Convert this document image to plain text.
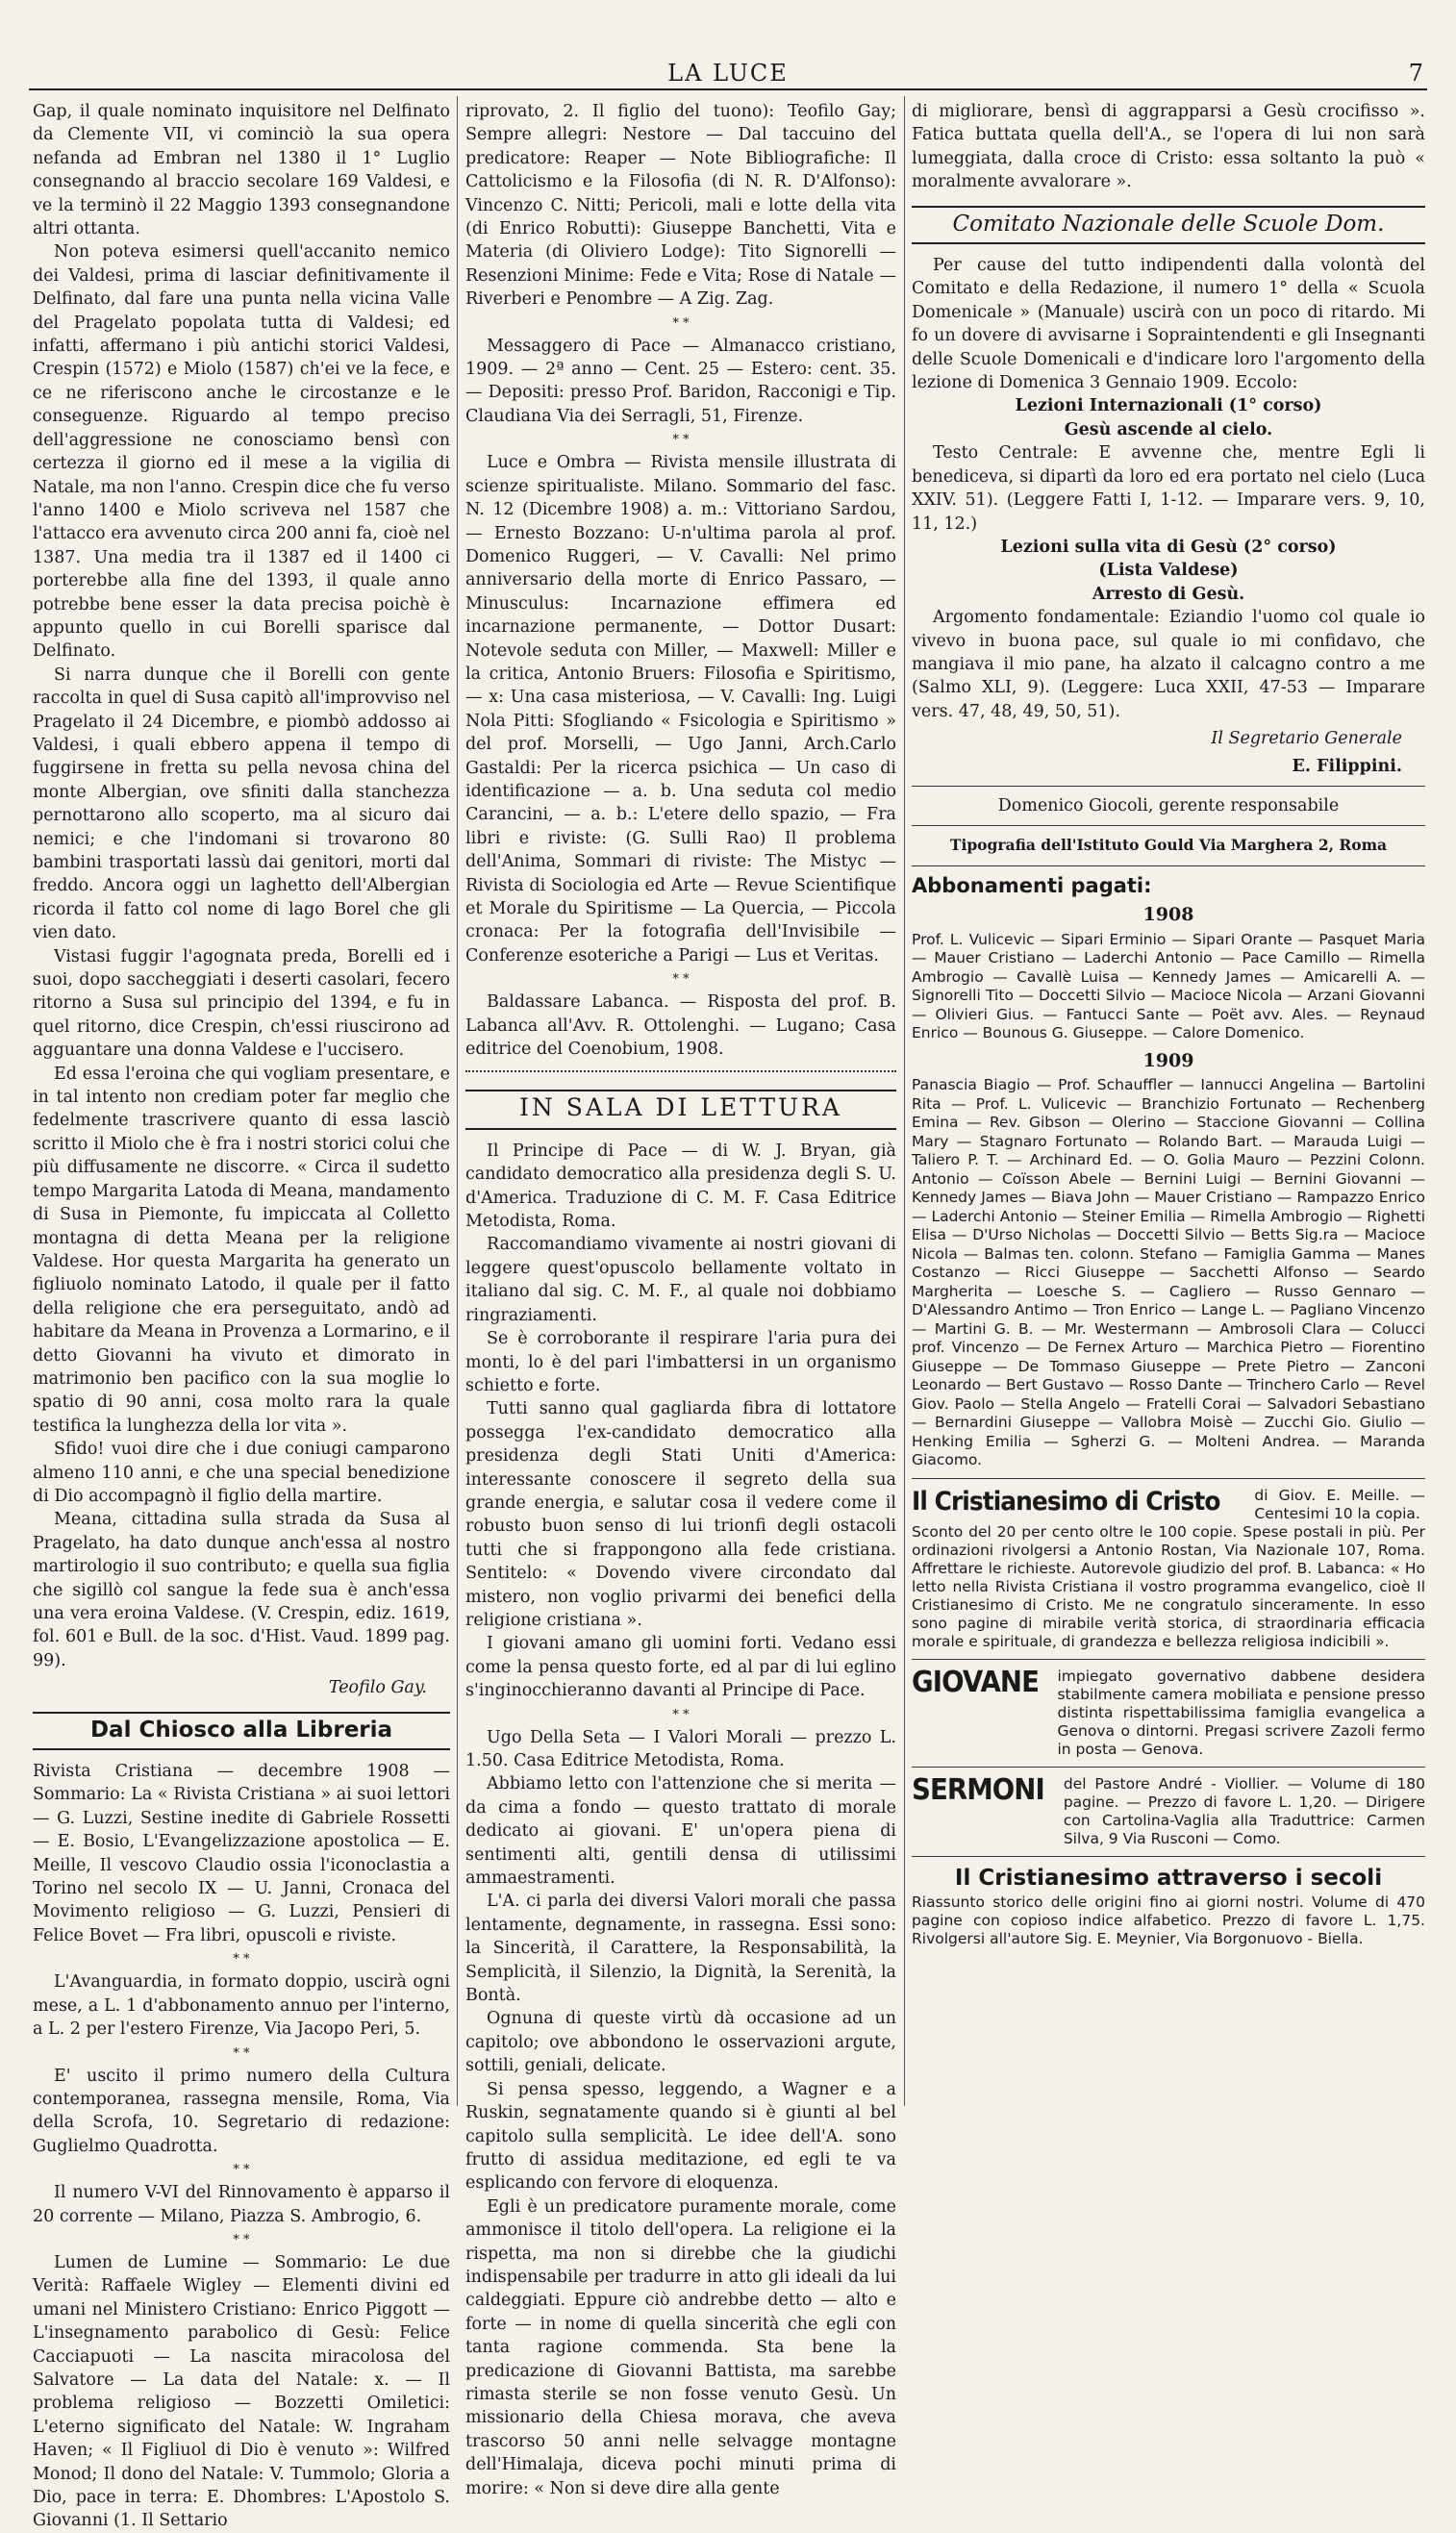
LA LUCE	7

Gap, il quale nominato inquisitore nel Delfinato da Clemente VII, vi cominciò la sua opera nefanda ad Embran nel 1380 il 1° Luglio consegnando al braccio secolare 169 Valdesi, e ve la terminò il 22 Maggio 1393 consegnandone altri ottanta.

Non poteva esimersi quell'accanito nemico dei Valdesi, prima di lasciar definitivamente il Delfinato, dal fare una punta nella vicina Valle del Pragelato popolata tutta di Valdesi; ed infatti, affermano i più antichi storici Valdesi, Crespin (1572) e Miolo (1587) ch'ei ve la fece, e ce ne riferiscono anche le circostanze e le conseguenze. Riguardo al tempo preciso dell'aggressione ne conosciamo bensì con certezza il giorno ed il mese a la vigilia di Natale, ma non l'anno. Crespin dice che fu verso l'anno 1400 e Miolo scriveva nel 1587 che l'attacco era avvenuto circa 200 anni fa, cioè nel 1387. Una media tra il 1387 ed il 1400 ci porterebbe alla fine del 1393, il quale anno potrebbe bene esser la data precisa poichè è appunto quello in cui Borelli sparisce dal Delfinato.

Si narra dunque che il Borelli con gente raccolta in quel di Susa capitò all'improvviso nel Pragelato il 24 Dicembre, e piombò addosso ai Valdesi, i quali ebbero appena il tempo di fuggirsene in fretta su pella nevosa china del monte Albergian, ove sfiniti dalla stanchezza pernottarono allo scoperto, ma al sicuro dai nemici; e che l'indomani si trovarono 80 bambini trasportati lassù dai genitori, morti dal freddo. Ancora oggi un laghetto dell'Albergian ricorda il fatto col nome di lago Borel che gli vien dato.

Vistasi fuggir l'agognata preda, Borelli ed i suoi, dopo saccheggiati i deserti casolari, fecero ritorno a Susa sul principio del 1394, e fu in quel ritorno, dice Crespin, ch'essi riuscirono ad agguantare una donna Valdese e l'uccisero.

Ed essa l'eroina che qui vogliam presentare, e in tal intento non crediam poter far meglio che fedelmente trascrivere quanto di essa lasciò scritto il Miolo che è fra i nostri storici colui che più diffusamente ne discorre. « Circa il sudetto tempo Margarita Latoda di Meana, mandamento di Susa in Piemonte, fu impiccata al Colletto montagna di detta Meana per la religione Valdese. Hor questa Margarita ha generato un figliuolo nominato Latodo, il quale per il fatto della religione che era perseguitato, andò ad habitare da Meana in Provenza a Lormarino, e il detto Giovanni ha vivuto et dimorato in matrimonio ben pacifico con la sua moglie lo spatio di 90 anni, cosa molto rara la quale testifica la lunghezza della lor vita ».

Sfido! vuoi dire che i due coniugi camparono almeno 110 anni, e che una special benedizione di Dio accompagnò il figlio della martire.

Meana, cittadina sulla strada da Susa al Pragelato, ha dato dunque anch'essa al nostro martirologio il suo contributo; e quella sua figlia che sigillò col sangue la fede sua è anch'essa una vera eroina Valdese. (V. Crespin, ediz. 1619, fol. 601 e Bull. de la soc. d'Hist. Vaud. 1899 pag. 99).

Teofilo Gay.
Dal Chiosco alla Libreria

Rivista Cristiana — decembre 1908 — Sommario: La « Rivista Cristiana » ai suoi lettori — G. Luzzi, Sestine inedite di Gabriele Rossetti — E. Bosio, L'Evangelizzazione apostolica — E. Meille, Il vescovo Claudio ossia l'iconoclastia a Torino nel secolo IX — U. Janni, Cronaca del Movimento religioso — G. Luzzi, Pensieri di Felice Bovet — Fra libri, opuscoli e riviste.

* *

L'Avanguardia, in formato doppio, uscirà ogni mese, a L. 1 d'abbonamento annuo per l'interno, a L. 2 per l'estero Firenze, Via Jacopo Peri, 5.

* *

E' uscito il primo numero della Cultura contemporanea, rassegna mensile, Roma, Via della Scrofa, 10. Segretario di redazione: Guglielmo Quadrotta.

* *

Il numero V-VI del Rinnovamento è apparso il 20 corrente — Milano, Piazza S. Ambrogio, 6.

* *

Lumen de Lumine — Sommario: Le due Verità: Raffaele Wigley — Elementi divini ed umani nel Ministero Cristiano: Enrico Piggott — L'insegnamento parabolico di Gesù: Felice Cacciapuoti — La nascita miracolosa del Salvatore — La data del Natale: x. — Il problema religioso — Bozzetti Omiletici: L'eterno significato del Natale: W. Ingraham Haven; « Il Figliuol di Dio è venuto »: Wilfred Monod; Il dono del Natale: V. Tummolo; Gloria a Dio, pace in terra: E. Dhombres: L'Apostolo S. Giovanni (1. Il Settario

riprovato, 2. Il figlio del tuono): Teofilo Gay; Sempre allegri: Nestore — Dal taccuino del predicatore: Reaper — Note Bibliografiche: Il Cattolicismo e la Filosofia (di N. R. D'Alfonso): Vincenzo C. Nitti; Pericoli, mali e lotte della vita (di Enrico Robutti): Giuseppe Banchetti, Vita e Materia (di Oliviero Lodge): Tito Signorelli — Resenzioni Minime: Fede e Vita; Rose di Natale — Riverberi e Penombre — A Zig. Zag.

* *

Messaggero di Pace — Almanacco cristiano, 1909. — 2ª anno — Cent. 25 — Estero: cent. 35. — Depositi: presso Prof. Baridon, Racconigi e Tip. Claudiana Via dei Serragli, 51, Firenze.

* *

Luce e Ombra — Rivista mensile illustrata di scienze spiritualiste. Milano. Sommario del fasc. N. 12 (Dicembre 1908) a. m.: Vittoriano Sardou, — Ernesto Bozzano: U-n'ultima parola al prof. Domenico Ruggeri, — V. Cavalli: Nel primo anniversario della morte di Enrico Passaro, — Minusculus: Incarnazione effimera ed incarnazione permanente, — Dottor Dusart: Notevole seduta con Miller, — Maxwell: Miller e la critica, Antonio Bruers: Filosofia e Spiritismo, — x: Una casa misteriosa, — V. Cavalli: Ing. Luigi Nola Pitti: Sfogliando « Fsicologia e Spiritismo » del prof. Morselli, — Ugo Janni, Arch.Carlo Gastaldi: Per la ricerca psichica — Un caso di identificazione — a. b. Una seduta col medio Carancini, — a. b.: L'etere dello spazio, — Fra libri e riviste: (G. Sulli Rao) Il problema dell'Anima, Sommari di riviste: The Mistyc — Rivista di Sociologia ed Arte — Revue Scientifique et Morale du Spiritisme — La Quercia, — Piccola cronaca: Per la fotografia dell'Invisibile — Conferenze esoteriche a Parigi — Lus et Veritas.

* *

Baldassare Labanca. — Risposta del prof. B. Labanca all'Avv. R. Ottolenghi. — Lugano; Casa editrice del Coenobium, 1908.

IN SALA DI LETTURA

Il Principe di Pace — di W. J. Bryan, già candidato democratico alla presidenza degli S. U. d'America. Traduzione di C. M. F. Casa Editrice Metodista, Roma.

Raccomandiamo vivamente ai nostri giovani di leggere quest'opuscolo bellamente voltato in italiano dal sig. C. M. F., al quale noi dobbiamo ringraziamenti.

Se è corroborante il respirare l'aria pura dei monti, lo è del pari l'imbattersi in un organismo schietto e forte.

Tutti sanno qual gagliarda fibra di lottatore possegga l'ex-candidato democratico alla presidenza degli Stati Uniti d'America: interessante conoscere il segreto della sua grande energia, e salutar cosa il vedere come il robusto buon senso di lui trionfi degli ostacoli tutti che si frappongono alla fede cristiana. Sentitelo: « Dovendo vivere circondato dal mistero, non voglio privarmi dei benefici della religione cristiana ».

I giovani amano gli uomini forti. Vedano essi come la pensa questo forte, ed al par di lui eglino s'inginocchieranno davanti al Principe di Pace.

* *

Ugo Della Seta — I Valori Morali — prezzo L. 1.50. Casa Editrice Metodista, Roma.

Abbiamo letto con l'attenzione che si merita — da cima a fondo — questo trattato di morale dedicato ai giovani. E' un'opera piena di sentimenti alti, gentili densa di utilissimi ammaestramenti.

L'A. ci parla dei diversi Valori morali che passa lentamente, degnamente, in rassegna. Essi sono: la Sincerità, il Carattere, la Responsabilità, la Semplicità, il Silenzio, la Dignità, la Serenità, la Bontà.

Ognuna di queste virtù dà occasione ad un capitolo; ove abbondono le osservazioni argute, sottili, geniali, delicate.

Si pensa spesso, leggendo, a Wagner e a Ruskin, segnatamente quando si è giunti al bel capitolo sulla semplicità. Le idee dell'A. sono frutto di assidua meditazione, ed egli te va esplicando con fervore di eloquenza.

Egli è un predicatore puramente morale, come ammonisce il titolo dell'opera. La religione ei la rispetta, ma non si direbbe che la giudichi indispensabile per tradurre in atto gli ideali da lui caldeggiati. Eppure ciò andrebbe detto — alto e forte — in nome di quella sincerità che egli con tanta ragione commenda. Sta bene la predicazione di Giovanni Battista, ma sarebbe rimasta sterile se non fosse venuto Gesù. Un missionario della Chiesa morava, che aveva trascorso 50 anni nelle selvagge montagne dell'Himalaja, diceva pochi minuti prima di morire: « Non si deve dire alla gente

di migliorare, bensì di aggrapparsi a Gesù crocifisso ». Fatica buttata quella dell'A., se l'opera di lui non sarà lumeggiata, dalla croce di Cristo: essa soltanto la può « moralmente avvalorare ».

Comitato Nazionale delle Scuole Dom.

Per cause del tutto indipendenti dalla volontà del Comitato e della Redazione, il numero 1° della « Scuola Domenicale » (Manuale) uscirà con un poco di ritardo. Mi fo un dovere di avvisarne i Sopraintendenti e gli Insegnanti delle Scuole Domenicali e d'indicare loro l'argomento della lezione di Domenica 3 Gennaio 1909. Eccolo:

Lezioni Internazionali (1° corso)

Gesù ascende al cielo.

Testo Centrale: E avvenne che, mentre Egli li benediceva, si dipartì da loro ed era portato nel cielo (Luca XXIV. 51). (Leggere Fatti I, 1-12. — Imparare vers. 9, 10, 11, 12.)

Lezioni sulla vita di Gesù (2° corso)

(Lista Valdese)

Arresto di Gesù.

Argomento fondamentale: Eziandio l'uomo col quale io vivevo in buona pace, sul quale io mi confidavo, che mangiava il mio pane, ha alzato il calcagno contro a me (Salmo XLI, 9). (Leggere: Luca XXII, 47-53 — Imparare vers. 47, 48, 49, 50, 51).

Il Segretario Generale
E. Filippini.

Domenico Giocoli, gerente responsabile

Tipografia dell'Istituto Gould Via Marghera 2, Roma

Abbonamenti pagati:
1908
Prof. L. Vulicevic — Sipari Erminio — Sipari Orante — Pasquet Maria — Mauer Cristiano — Laderchi Antonio — Pace Camillo — Rimella Ambrogio — Cavallè Luisa — Kennedy James — Amicarelli A. — Signorelli Tito — Doccetti Silvio — Macioce Nicola — Arzani Giovanni — Olivieri Gius. — Fantucci Sante — Poët avv. Ales. — Reynaud Enrico — Bounous G. Giuseppe. — Calore Domenico.
1909
Panascia Biagio — Prof. Schauffler — Iannucci Angelina — Bartolini Rita — Prof. L. Vulicevic — Branchizio Fortunato — Rechenberg Emina — Rev. Gibson — Olerino — Staccione Giovanni — Collina Mary — Stagnaro Fortunato — Rolando Bart. — Marauda Luigi — Taliero P. T. — Archinard Ed. — O. Golia Mauro — Pezzini Colonn. Antonio — Coïsson Abele — Bernini Luigi — Bernini Giovanni — Kennedy James — Biava John — Mauer Cristiano — Rampazzo Enrico — Laderchi Antonio — Steiner Emilia — Rimella Ambrogio — Righetti Elisa — D'Urso Nicholas — Doccetti Silvio — Betts Sig.ra — Macioce Nicola — Balmas ten. colonn. Stefano — Famiglia Gamma — Manes Costanzo — Ricci Giuseppe — Sacchetti Alfonso — Seardo Margherita — Loesche S. — Cagliero — Russo Gennaro — D'Alessandro Antimo — Tron Enrico — Lange L. — Pagliano Vincenzo — Martini G. B. — Mr. Westermann — Ambrosoli Clara — Colucci prof. Vincenzo — De Fernex Arturo — Marchica Pietro — Fiorentino Giuseppe — De Tommaso Giuseppe — Prete Pietro — Zanconi Leonardo — Bert Gustavo — Rosso Dante — Trinchero Carlo — Revel Giov. Paolo — Stella Angelo — Fratelli Corai — Salvadori Sebastiano — Bernardini Giuseppe — Vallobra Moisè — Zucchi Gio. Giulio — Henking Emilia — Sgherzi G. — Molteni Andrea. — Maranda Giacomo.
Il Cristianesimo di Cristo di Giov. E. Meille. — Centesimi 10 la copia.
Sconto del 20 per cento oltre le 100 copie. Spese postali in più. Per ordinazioni rivolgersi a Antonio Rostan, Via Nazionale 107, Roma. Affrettare le richieste. Autorevole giudizio del prof. B. Labanca: « Ho letto nella Rivista Cristiana il vostro programma evangelico, cioè Il Cristianesimo di Cristo. Me ne congratulo sinceramente. In esso sono pagine di mirabile verità storica, di straordinaria efficacia morale e spirituale, di grandezza e bellezza religiosa indicibili ».
GIOVANE impiegato governativo dabbene desidera stabilmente camera mobiliata e pensione presso distinta rispettabilissima famiglia evangelica a Genova o dintorni. Pregasi scrivere Zazoli fermo in posta — Genova.
SERMONI del Pastore André - Viollier. — Volume di 180 pagine. — Prezzo di favore L. 1,20. — Dirigere con Cartolina-Vaglia alla Traduttrice: Carmen Silva, 9 Via Rusconi — Como.
Il Cristianesimo attraverso i secoli
Riassunto storico delle origini fino ai giorni nostri. Volume di 470 pagine con copioso indice alfabetico. Prezzo di favore L. 1,75. Rivolgersi all'autore Sig. E. Meynier, Via Borgonuovo - Biella.
